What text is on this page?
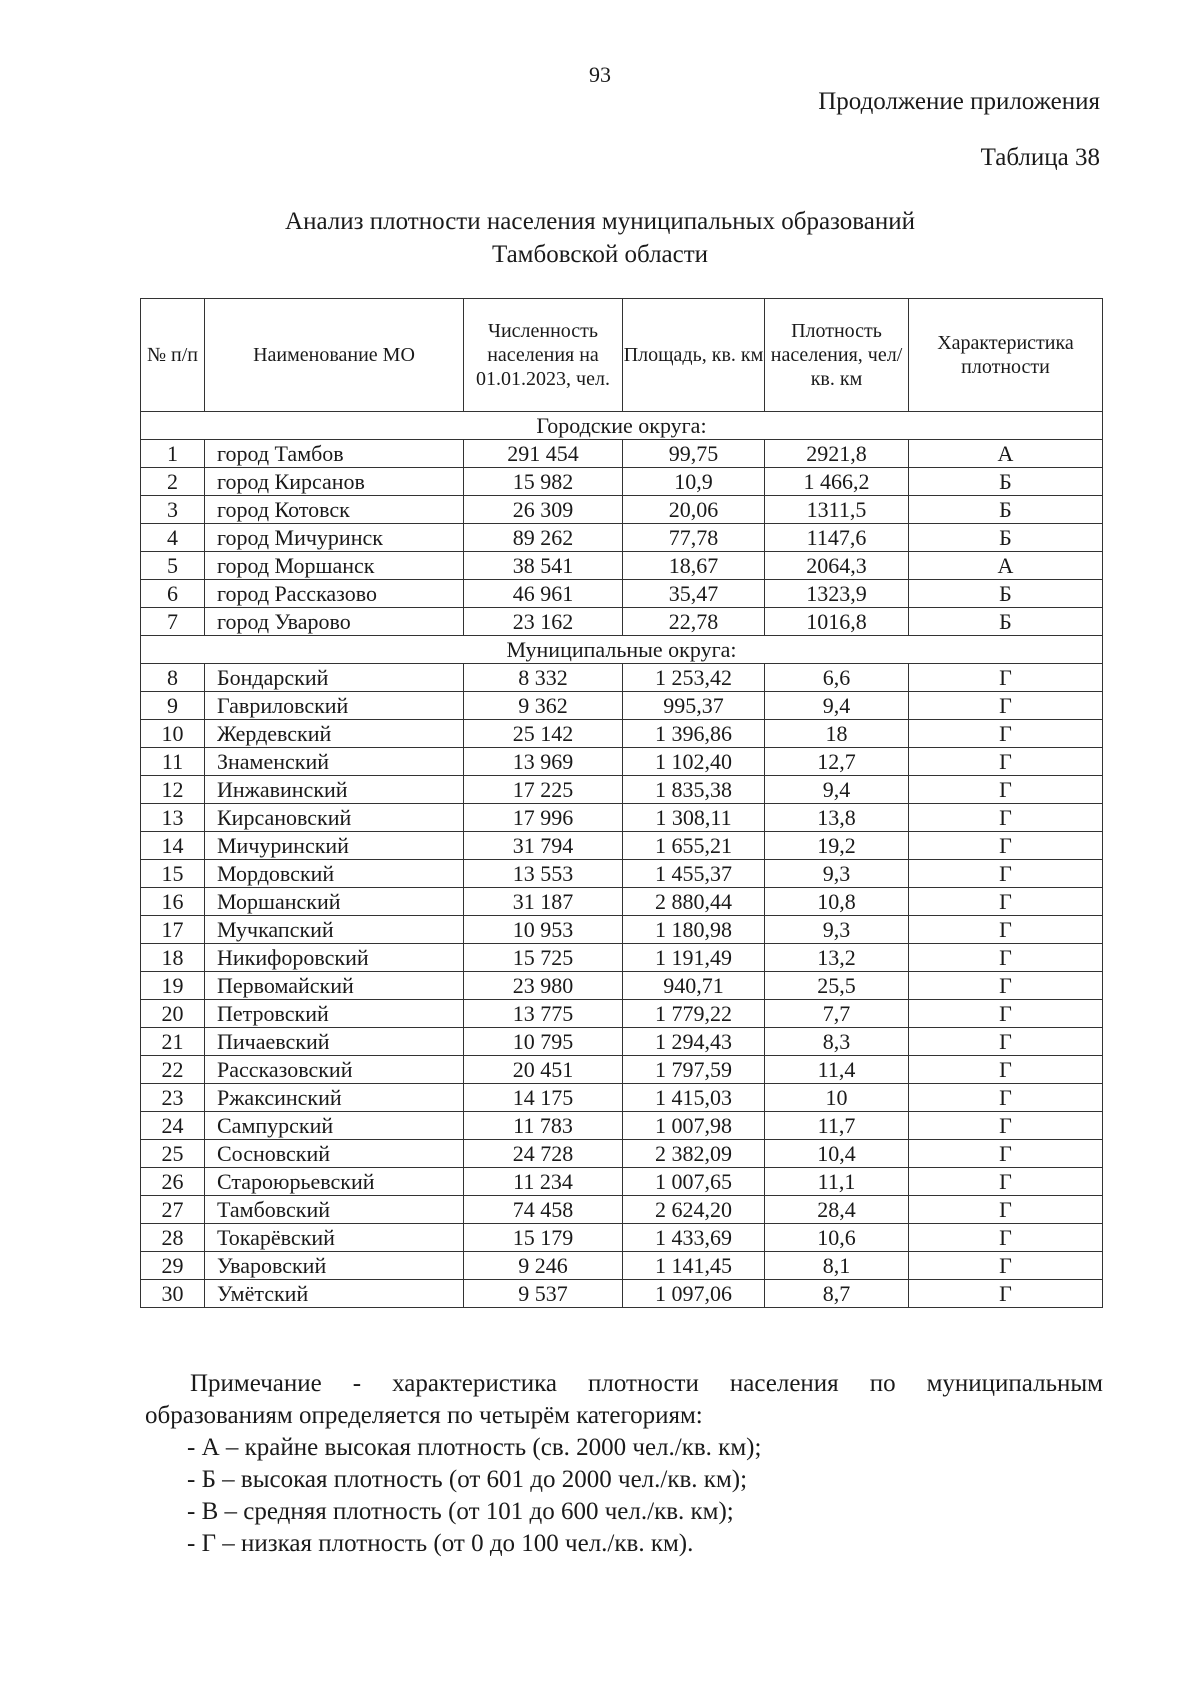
93
Продолжение приложения
Таблица 38
Анализ плотности населения муниципальных образований
Тамбовской области
№ п/п	Наименование МО	Численность населения на 01.01.2023, чел.	Площадь, кв. км	Плотность населения, чел/ кв. км	Характеристика плотности
Городские округа:					
1	город Тамбов	291 454	99,75	2921,8	А
2	город Кирсанов	15 982	10,9	1 466,2	Б
3	город Котовск	26 309	20,06	1311,5	Б
4	город Мичуринск	89 262	77,78	1147,6	Б
5	город Моршанск	38 541	18,67	2064,3	А
6	город Рассказово	46 961	35,47	1323,9	Б
7	город Уварово	23 162	22,78	1016,8	Б
Муниципальные округа:					
8	Бондарский	8 332	1 253,42	6,6	Г
9	Гавриловский	9 362	995,37	9,4	Г
10	Жердевский	25 142	1 396,86	18	Г
11	Знаменский	13 969	1 102,40	12,7	Г
12	Инжавинский	17 225	1 835,38	9,4	Г
13	Кирсановский	17 996	1 308,11	13,8	Г
14	Мичуринский	31 794	1 655,21	19,2	Г
15	Мордовский	13 553	1 455,37	9,3	Г
16	Моршанский	31 187	2 880,44	10,8	Г
17	Мучкапский	10 953	1 180,98	9,3	Г
18	Никифоровский	15 725	1 191,49	13,2	Г
19	Первомайский	23 980	940,71	25,5	Г
20	Петровский	13 775	1 779,22	7,7	Г
21	Пичаевский	10 795	1 294,43	8,3	Г
22	Рассказовский	20 451	1 797,59	11,4	Г
23	Ржаксинский	14 175	1 415,03	10	Г
24	Сампурский	11 783	1 007,98	11,7	Г
25	Сосновский	24 728	2 382,09	10,4	Г
26	Староюрьевский	11 234	1 007,65	11,1	Г
27	Тамбовский	74 458	2 624,20	28,4	Г
28	Токарёвский	15 179	1 433,69	10,6	Г
29	Уваровский	9 246	1 141,45	8,1	Г
30	Умётский	9 537	1 097,06	8,7	Г

Примечание - характеристика плотности населения по муниципальным образованиям определяется по четырём категориям:

- А – крайне высокая плотность (св. 2000 чел./кв. км);
- Б – высокая плотность (от 601 до 2000 чел./кв. км);
- В – средняя плотность (от 101 до 600 чел./кв. км);
- Г – низкая плотность (от 0 до 100 чел./кв. км).
